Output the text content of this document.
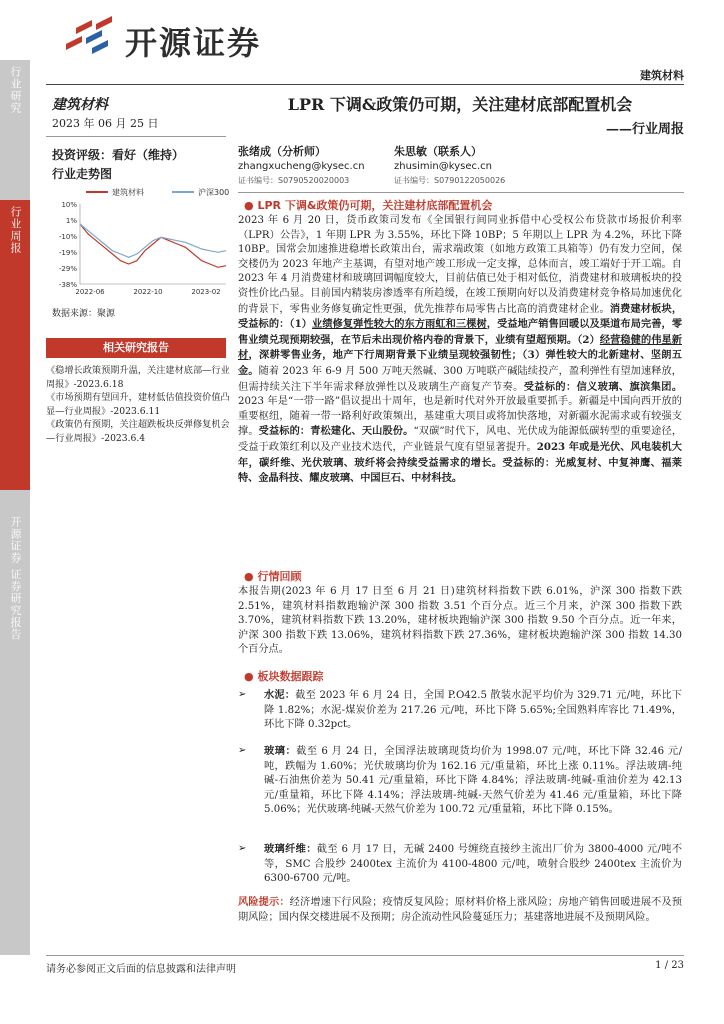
行业研究
行业周报
开源证券 证券研究报告
开源证券
建筑材料
建筑材料
2023 年 06 月 25 日
投资评级：看好（维持）
行业走势图
建筑材料	沪深300
10%
1%
-10%
-19%
-29%
-38%
2022-06	2022-10	2023-02
数据来源：聚源
相关研究报告

《稳增长政策预期升温，关注建材底部—行业周报》-2023.6.18

《市场预期有望回升，建材低估值投资价值凸显—行业周报》-2023.6.11

《政策仍有预期，关注超跌板块反弹修复机会—行业周报》-2023.6.4

LPR 下调&政策仍可期，关注建材底部配置机会
——行业周报
张绪成（分析师）
zhangxucheng@kysec.cn
证书编号：S0790520020003
朱思敏（联系人）
zhusimin@kysec.cn
证书编号：S0790122050026
● LPR 下调&政策仍可期，关注建材底部配置机会
2023 年 6 月 20 日，货币政策司发布《全国银行间同业拆借中心受权公布贷款市场报价利率（LPR）公告》，1 年期 LPR 为 3.55%，环比下降 10BP；5 年期以上 LPR 为 4.2%，环比下降 10BP。国常会加速推进稳增长政策出台，需求端政策（如地方政策工具箱等）仍有发力空间，保交楼仍为 2023 年地产主基调，有望对地产竣工形成一定支撑，总体而言，竣工端好于开工端。自 2023 年 4 月消费建材和玻璃回调幅度较大，目前估值已处于相对低位，消费建材和玻璃板块的投资性价比凸显。目前国内精装房渗透率有所趋缓，在竣工预期向好以及消费建材竞争格局加速优化的背景下，零售业务修复确定性更强，优先推荐布局零售占比高的消费建材企业。消费建材板块，受益标的：（1）业绩修复弹性较大的东方雨虹和三棵树，受益地产销售回暖以及渠道布局完善，零售业绩兑现预期较强，在节后未出现价格内卷的背景下，业绩有望超预期。（2）经营稳健的伟星新材，深耕零售业务，地产下行周期背景下业绩呈现较强韧性；（3）弹性较大的北新建材、坚朗五金。随着 2023 年 6-9 月 500 万吨天然碱、300 万吨联产碱陆续投产，盈利弹性有望加速释放，但需持续关注下半年需求释放弹性以及玻璃生产商复产节奏。受益标的：信义玻璃、旗滨集团。2023 年是“一带一路”倡议提出十周年，也是新时代对外开放最重要抓手。新疆是中国向西开放的重要枢纽，随着一带一路利好政策频出，基建重大项目或将加快落地，对新疆水泥需求或有较强支撑。受益标的：青松建化、天山股份。“双碳”时代下，风电、光伏成为能源低碳转型的重要途径，受益于政策红利以及产业技术迭代，产业链景气度有望显著提升。2023 年或是光伏、风电装机大年，碳纤维、光伏玻璃、玻纤将会持续受益需求的增长。受益标的：光威复材、中复神鹰、福莱特、金晶科技、耀皮玻璃、中国巨石、中材科技。
● 行情回顾
本报告期(2023 年 6 月 17 日至 6 月 21 日)建筑材料指数下跌 6.01%，沪深 300 指数下跌 2.51%，建筑材料指数跑输沪深 300 指数 3.51 个百分点。近三个月来，沪深 300 指数下跌 3.70%，建筑材料指数下跌 13.20%，建材板块跑输沪深 300 指数 9.50 个百分点。近一年来，沪深 300 指数下跌 13.06%，建筑材料指数下跌 27.36%，建材板块跑输沪深 300 指数 14.30 个百分点。
● 板块数据跟踪
➢ 水泥：截至 2023 年 6 月 24 日，全国 P.O42.5 散装水泥平均价为 329.71 元/吨，环比下降 1.82%；水泥-煤炭价差为 217.26 元/吨，环比下降 5.65%;全国熟料库容比 71.49%，环比下降 0.32pct。
➢ 玻璃：截至 6 月 24 日，全国浮法玻璃现货均价为 1998.07 元/吨，环比下降 32.46 元/吨，跌幅为 1.60%；光伏玻璃均价为 162.16 元/重量箱，环比上涨 0.11%。浮法玻璃-纯碱-石油焦价差为 50.41 元/重量箱，环比下降 4.84%；浮法玻璃-纯碱-重油价差为 42.13 元/重量箱，环比下降 4.14%；浮法玻璃-纯碱-天然气价差为 41.46 元/重量箱，环比下降 5.06%；光伏玻璃-纯碱-天然气价差为 100.72 元/重量箱，环比下降 0.15%。
➢ 玻璃纤维：截至 6 月 17 日，无碱 2400 号缠绕直接纱主流出厂价为 3800-4000 元/吨不等，SMC 合股纱 2400tex 主流价为 4100-4800 元/吨，喷射合股纱 2400tex 主流价为 6300-6700 元/吨。
风险提示：经济增速下行风险；疫情反复风险；原材料价格上涨风险；房地产销售回暖进展不及预期风险；国内保交楼进展不及预期；房企流动性风险蔓延压力；基建落地进展不及预期风险。
请务必参阅正文后面的信息披露和法律声明	1 / 23
